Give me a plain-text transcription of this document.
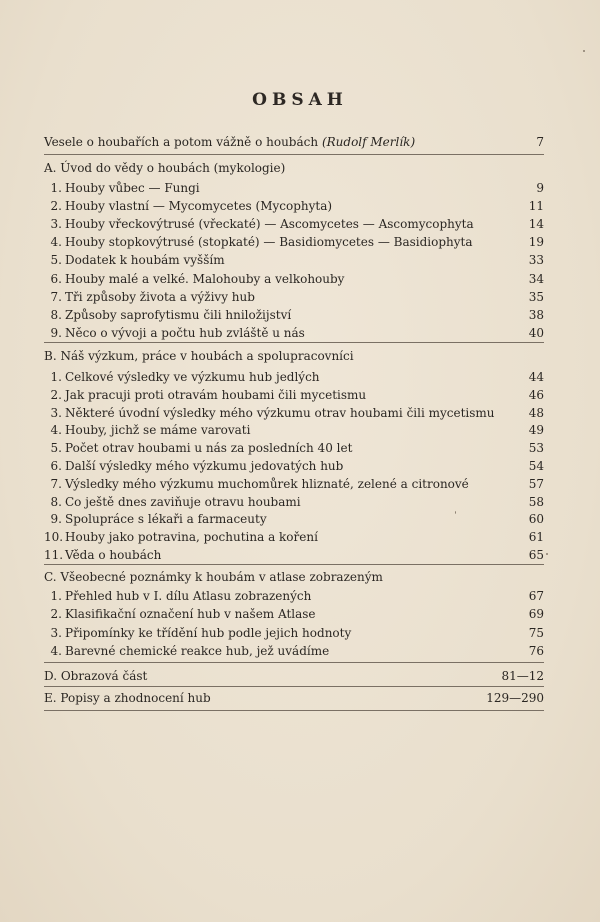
OBSAH
Vesele o houbařích a potom vážně o houbách (Rudolf Merlík)	7
A. Úvod do vědy o houbách (mykologie)
1. Houby vůbec — Fungi	9
2. Houby vlastní — Mycomycetes (Mycophyta)	11
3. Houby vřeckovýtrusé (vřeckaté) — Ascomycetes — Ascomycophyta	14
4. Houby stopkovýtrusé (stopkaté) — Basidiomycetes — Basidiophyta	19
5. Dodatek k houbám vyšším	33
6. Houby malé a velké. Malohouby a velkohouby	34
7. Tři způsoby života a výživy hub	35
8. Způsoby saprofytismu čili hniložijství	38
9. Něco o vývoji a počtu hub zvláště u nás	40
B. Náš výzkum, práce v houbách a spolupracovníci
1. Celkové výsledky ve výzkumu hub jedlých	44
2. Jak pracuji proti otravám houbami čili mycetismu	46
3. Některé úvodní výsledky mého výzkumu otrav houbami čili mycetismu	48
4. Houby, jichž se máme varovati	49
5. Počet otrav houbami u nás za posledních 40 let	53
6. Další výsledky mého výzkumu jedovatých hub	54
7. Výsledky mého výzkumu muchomůrek hliznaté, zelené a citronové	57
8. Co ještě dnes zaviňuje otravu houbami	58
9. Spolupráce s lékaři a farmaceuty	60
10. Houby jako potravina, pochutina a koření	61
11. Věda o houbách	65
C. Všeobecné poznámky k houbám v atlase zobrazeným
1. Přehled hub v I. dílu Atlasu zobrazených	67
2. Klasifikační označení hub v našem Atlase	69
3. Připomínky ke třídění hub podle jejich hodnoty	75
4. Barevné chemické reakce hub, jež uvádíme	76
D. Obrazová část	81—12
E. Popisy a zhodnocení hub	129—290
